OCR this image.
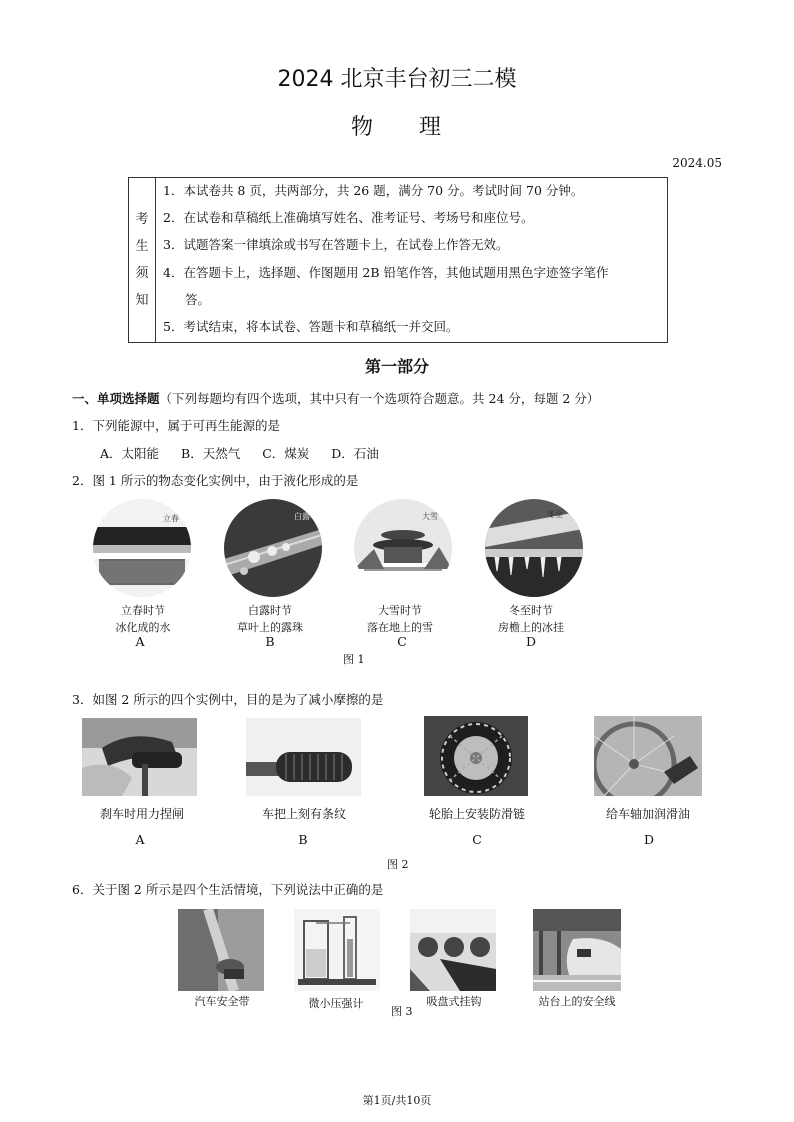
2024 北京丰台初三二模
物 理
2024.05
考
生
须
知
1．本试卷共 8 页，共两部分，共 26 题，满分 70 分。考试时间 70 分钟。
2．在试卷和草稿纸上准确填写姓名、准考证号、考场号和座位号。
3．试题答案一律填涂或书写在答题卡上，在试卷上作答无效。
4．在答题卡上，选择题、作图题用 2B 铅笔作答，其他试题用黑色字迹签字笔作
答。
5．考试结束，将本试卷、答题卡和草稿纸一并交回。
第一部分
一、单项选择题（下列每题均有四个选项，其中只有一个选项符合题意。共 24 分，每题 2 分）
1．下列能源中，属于可再生能源的是
A．太阳能 B．天然气 C．煤炭 D．石油
2．图 1 所示的物态变化实例中，由于液化形成的是
立春	白露	大雪	冬至
立春时节
冰化成的水
白露时节
草叶上的露珠
大雪时节
落在地上的雪
冬至时节
房檐上的冰挂
A	B	C	D
图 1
3．如图 2 所示的四个实例中，目的是为了减小摩擦的是
刹车时用力捏闸	车把上刻有条纹	轮胎上安装防滑链	给车轴加润滑油
A	B	C	D
图 2
6．关于图 2 所示是四个生活情境，下列说法中正确的是
汽车安全带	微小压强计	吸盘式挂钩	站台上的安全线
图 3
第1页/共10页
